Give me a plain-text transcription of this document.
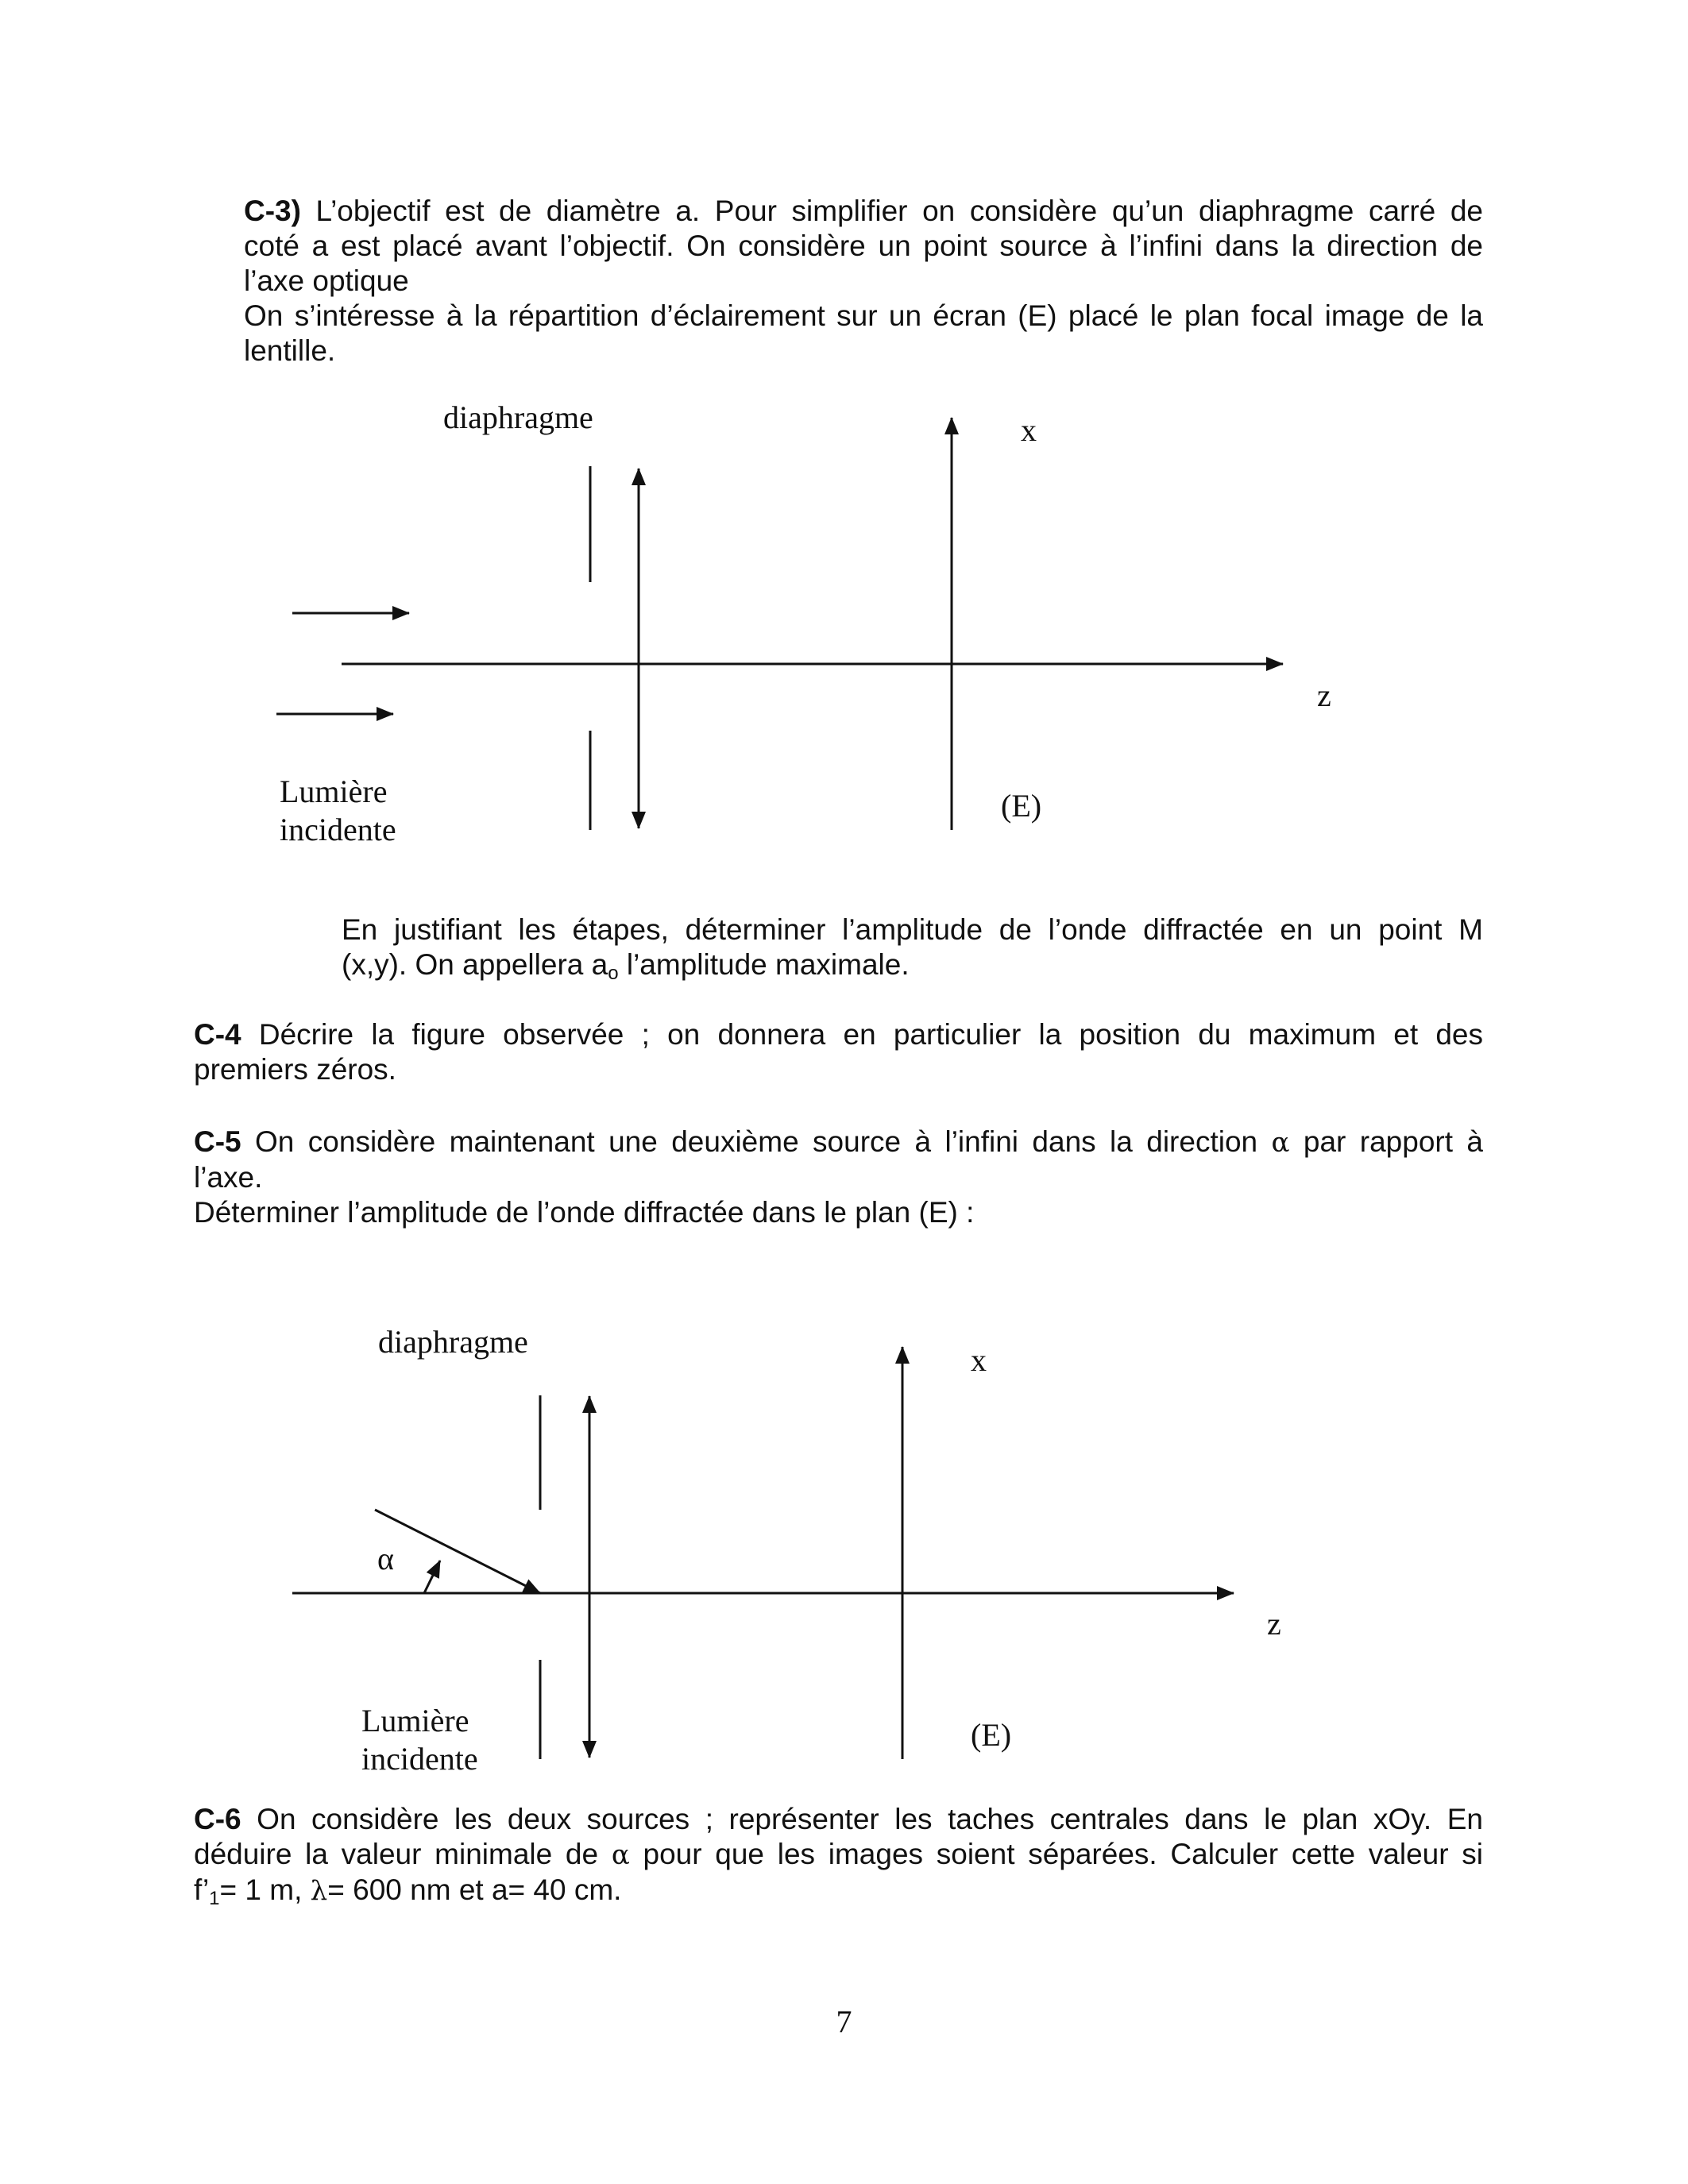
C-3) L’objectif est de diamètre a. Pour simplifier on considère qu’un diaphragme carré de
coté a est placé avant l’objectif. On considère un point source à l’infini dans la direction de
l’axe optique
On s’intéresse à la répartition d’éclairement sur un écran (E) placé le plan focal image de la
lentille.
diaphragme	x
z
Lumière
incidente
(E)
diaphragme
x
z
α
Lumière
incidente
(E)
En justifiant les étapes, déterminer l’amplitude de l’onde diffractée en un point M
(x,y). On appellera $a_o$ l’amplitude maximale.
C-4 Décrire la figure observée ; on donnera en particulier la position du maximum et des
premiers zéros.
C-5 On considère maintenant une deuxième source à l’infini dans la direction α par rapport à
l’axe.
Déterminer l’amplitude de l’onde diffractée dans le plan (E) :
C-6 On considère les deux sources ; représenter les taches centrales dans le plan xOy. En
déduire la valeur minimale de α pour que les images soient séparées. Calculer cette valeur si
$f’_1= 1$ m, λ= 600 nm et a= 40 cm.
7
